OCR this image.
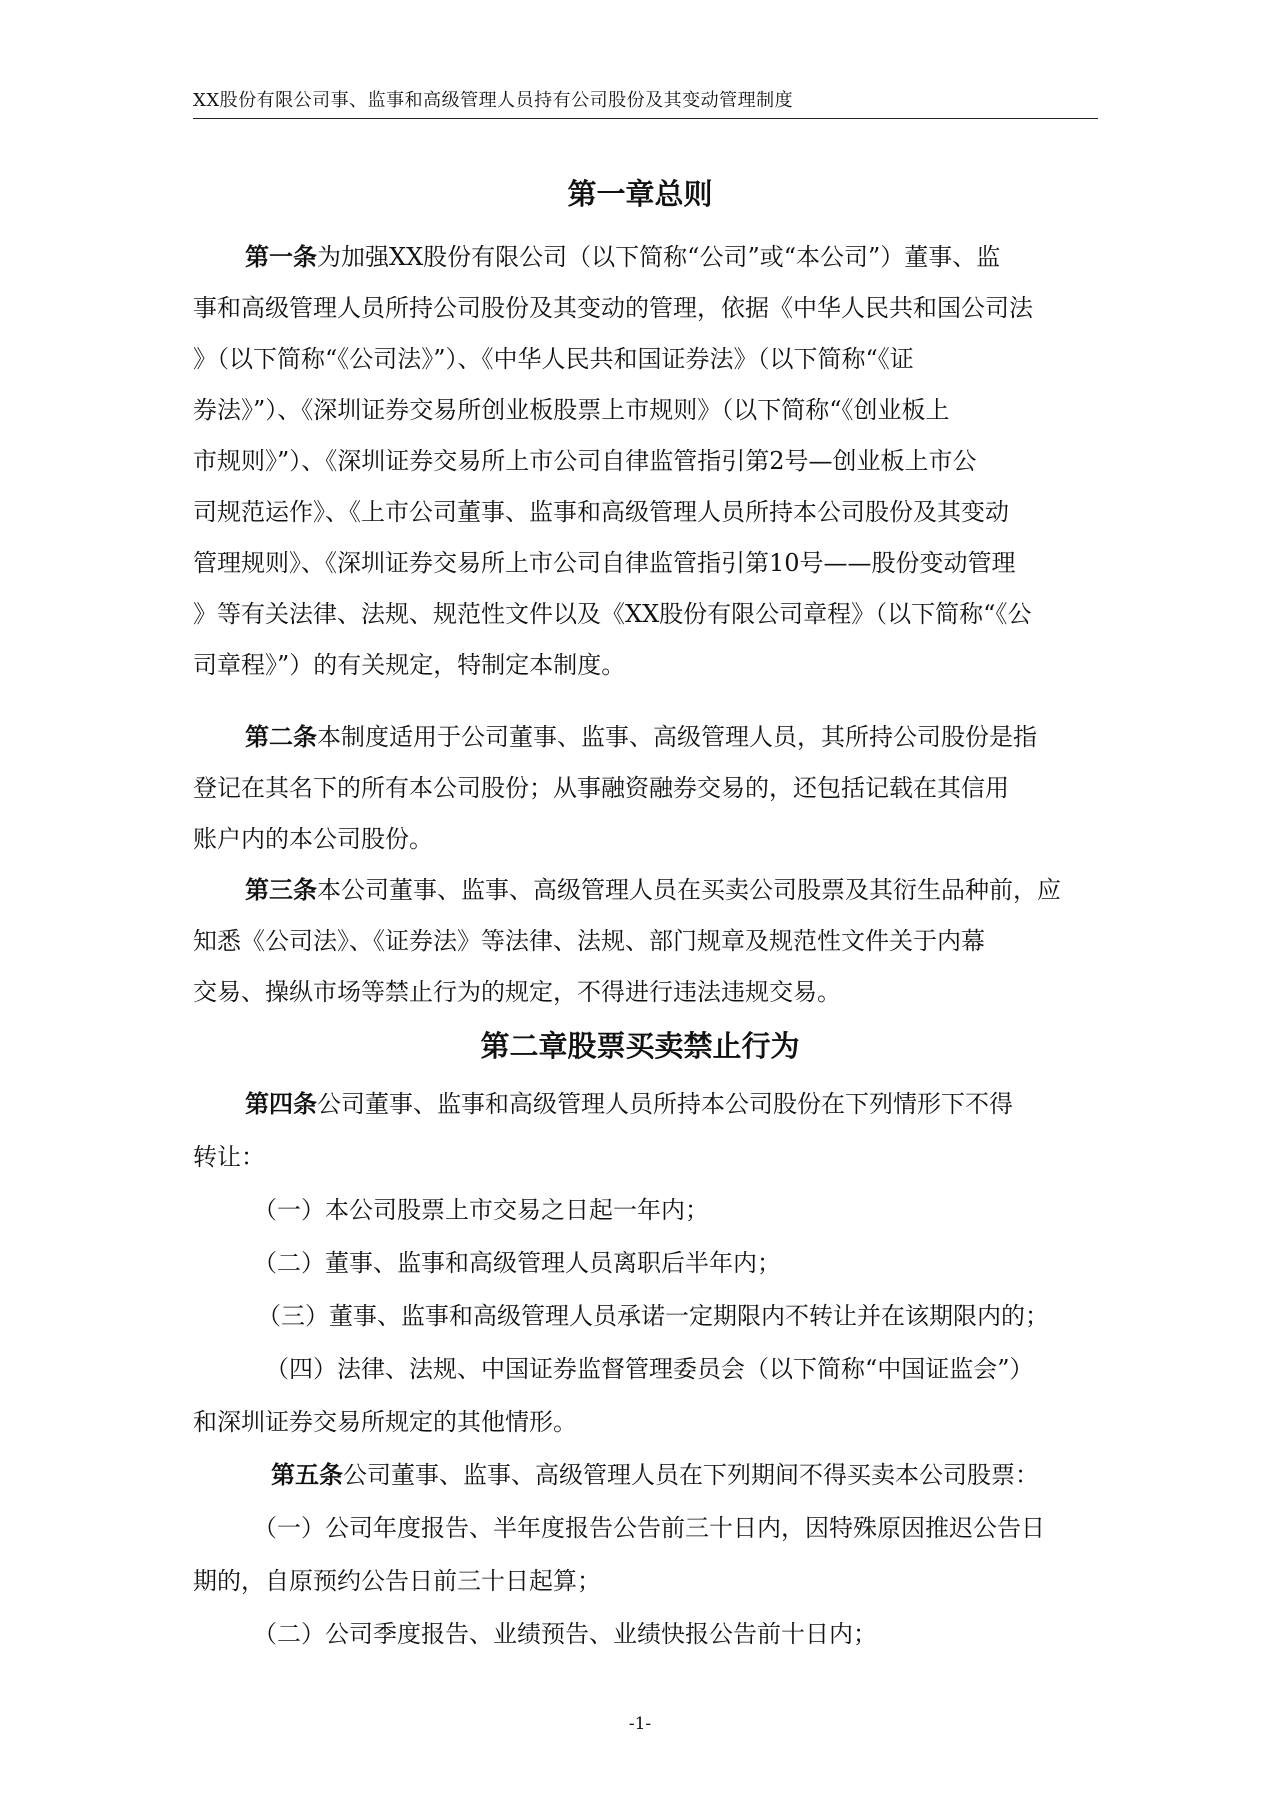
XX股份有限公司事、监事和高级管理人员持有公司股份及其变动管理制度
第一章总则
第一条为加强XX股份有限公司（以下简称“公司”或“本公司”）董事、监
事和高级管理人员所持公司股份及其变动的管理，依据《中华人民共和国公司法
》（以下简称“《公司法》”）、《中华人民共和国证券法》（以下简称“《证
券法》”）、《深圳证券交易所创业板股票上市规则》（以下简称“《创业板上
市规则》”）、《深圳证券交易所上市公司自律监管指引第2号—创业板上市公
司规范运作》、《上市公司董事、监事和高级管理人员所持本公司股份及其变动
管理规则》、《深圳证券交易所上市公司自律监管指引第10号——股份变动管理
》等有关法律、法规、规范性文件以及《XX股份有限公司章程》（以下简称“《公
司章程》”）的有关规定，特制定本制度。
第二条本制度适用于公司董事、监事、高级管理人员，其所持公司股份是指
登记在其名下的所有本公司股份；从事融资融券交易的，还包括记载在其信用
账户内的本公司股份。
第三条本公司董事、监事、高级管理人员在买卖公司股票及其衍生品种前，应
知悉《公司法》、《证券法》等法律、法规、部门规章及规范性文件关于内幕
交易、操纵市场等禁止行为的规定，不得进行违法违规交易。
第二章股票买卖禁止行为
第四条公司董事、监事和高级管理人员所持本公司股份在下列情形下不得
转让：
（一）本公司股票上市交易之日起一年内；
（二）董事、监事和高级管理人员离职后半年内；
（三）董事、监事和高级管理人员承诺一定期限内不转让并在该期限内的；
（四）法律、法规、中国证券监督管理委员会（以下简称“中国证监会”）
和深圳证券交易所规定的其他情形。
第五条公司董事、监事、高级管理人员在下列期间不得买卖本公司股票：
（一）公司年度报告、半年度报告公告前三十日内，因特殊原因推迟公告日
期的，自原预约公告日前三十日起算；
（二）公司季度报告、业绩预告、业绩快报公告前十日内；
-1-
